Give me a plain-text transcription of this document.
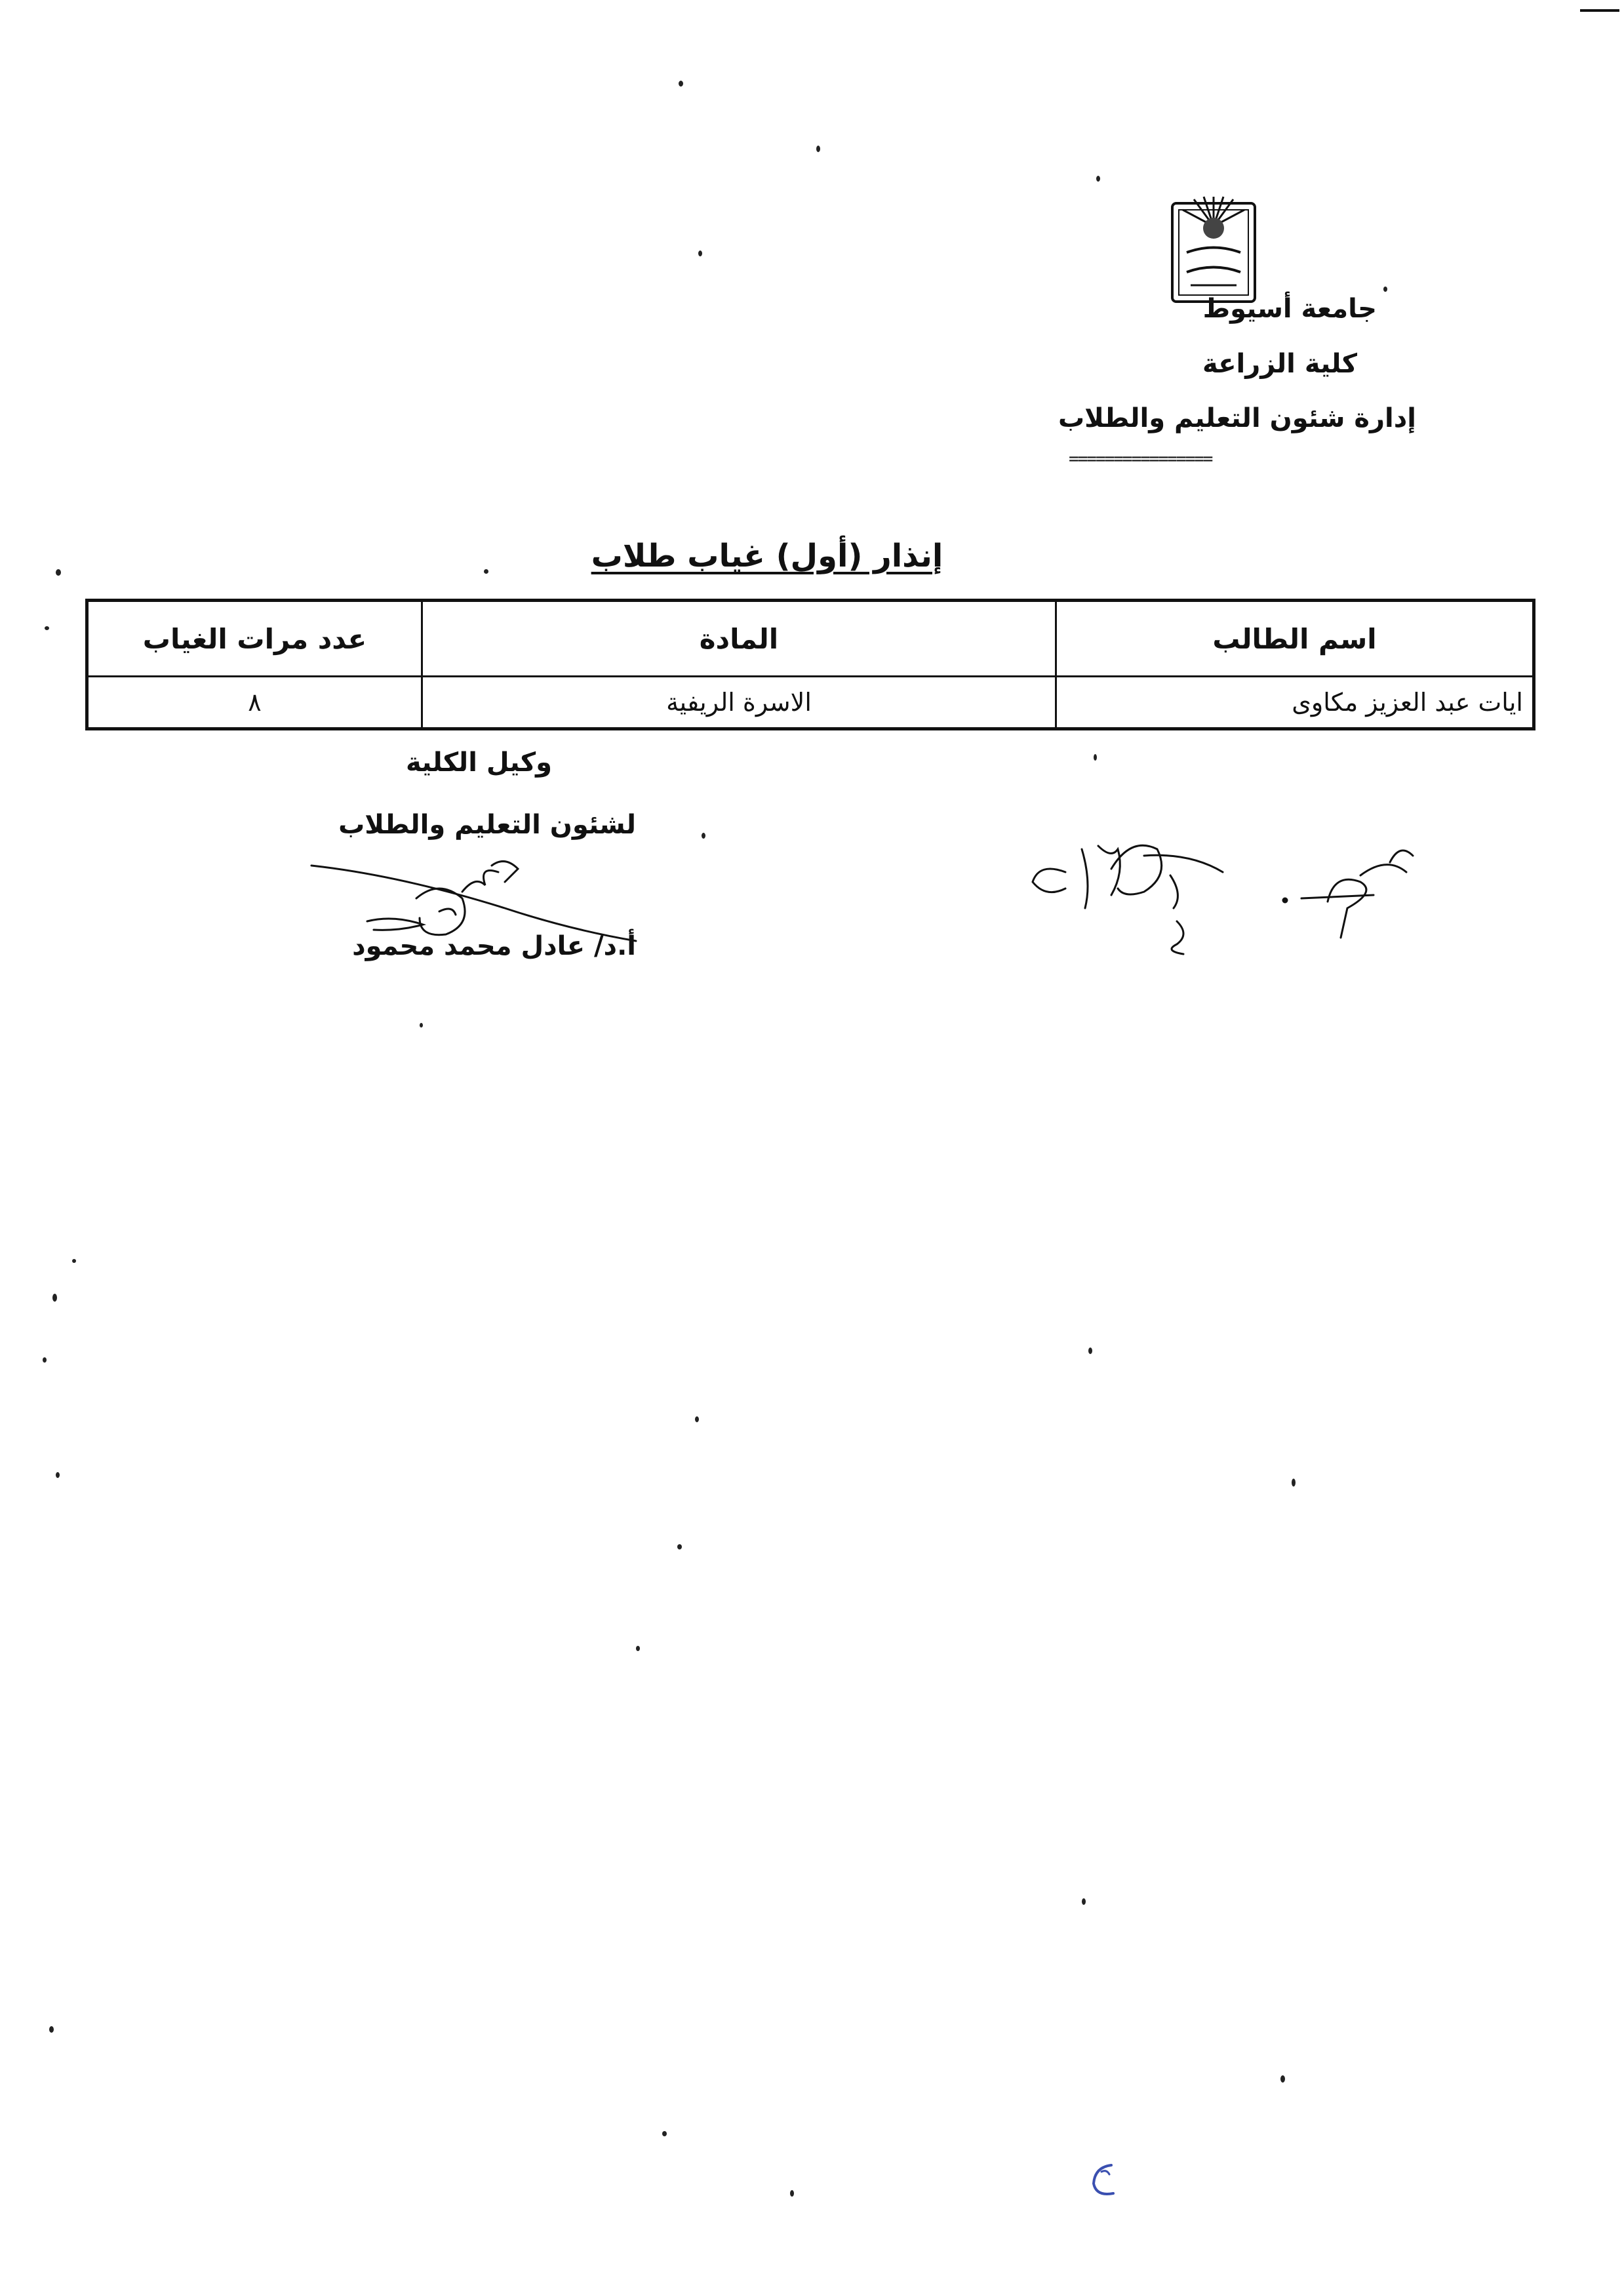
جامعة أسيوط
كلية الزراعة
إدارة شئون التعليم والطلاب
================
إنذار (أول) غياب طلاب
اسم الطالب	المادة	عدد مرات الغياب
ايات عبد العزيز مكاوى	الاسرة الريفية	٨
وكيل الكلية
لشئون التعليم والطلاب
أ.د/ عادل محمد محمود
